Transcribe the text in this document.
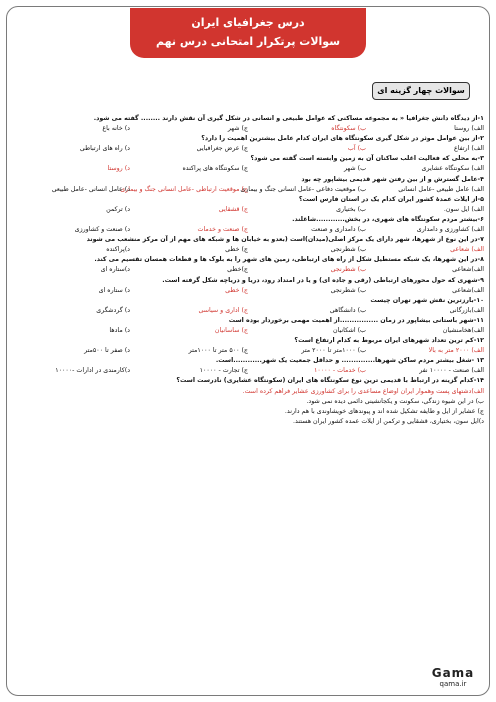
درس جغرافیای ایران
سوالات پرتکرار امتحانی درس نهم
سوالات چهار گزینه ای
۱-از دیدگاه دانش جغرافیا « به مجموعه مساکنی که عوامل طبیعی و انسانی در شکل گیری آن نقش دارند ........ گفته می شود.
الف) روستا
ب) سکونتگاه
ج) شهر
د) خانه باغ
۲-از بین عوامل موثر در شکل گیری سکونتگاه های ایران کدام عامل بیشترین اهمیت را دارد؟
الف) ارتفاع
ب) آب
ج) عرض جغرافیایی
د) راه های ارتباطی
۳-به محلی که فعالیت اغلب ساکنان آن به زمین وابسته است گفته می شود؟
الف) سکونتگاه عشایری
ب) شهر
ج) سکونتگاه های پراکنده
د) روستا
۴-عامل گسترش و از بین رفتن شهر قدیمی بیشاپور چه بود
الف) عامل طبیعی -عامل انسانی
ب) موقعیت دفاعی -عامل انسانی جنگ و بیماری
ج) موقعیت ارتباطی -عامل انسانی جنگ و بیماری
د) عامل انسانی -عامل طبیعی
۵-از ایلات عمدهٔ کشور ایران کدام یک در استان فارس است؟
الف) ایل سون.
ب) بختیاری
ج) قشقایی
د) ترکمن
۶-بیشتر مردم سکونتگاه های شهری، در بخش............شاغلند.
الف) کشاورزی و دامداری
ب) دامداری و صنعت
ج) صنعت و خدمات
د) صنعت و کشاورزی
۷-در این نوع از شهرها، شهر دارای یک مرکز اصلی(میدان)است (بعدو به خیابان ها و شبکه های مهم از آن مرکز منشعب می شوند
الف) شعاعی
ب) شطرنجی
ج) خطی
د)پراکنده
۸-در این شهرها، یک شبکه مستطیل شکل از راه های ارتباطی، زمین های شهر را به بلوک ها و قطعات همسان تقسیم می کند.
الف)شعاعی
ب) شطرنجی
ج)خطی
د)ستاره ای
۹-شهری که حول محورهای ارتباطی (رقی و جاده ای) و یا در امتداد رود، دریا و دریاچه شکل گرفته است.
الف)شعاعی
ب) شطرنجی
ج) خطی
د) ستاره ای
۱۰-بارزترین نقش شهر تهران چیست
الف)بازرگانی
ب) دانشگاهی
ج) اداری و سیاسی
د) گردشگری
۱۱-شهر باستانی بیشاپور در زمان ................از اهمیت مهمی برخوردار بوده است
الف)هخامنشیان
ب) اشکانیان
ج) ساسانیان
د) مادها
۱۲-کم ترین تعداد شهرهای ایران مربوط به کدام ارتفاع است؟
الف) ۲۰۰۰ متر به بالا
ب) ۱۰۰۰متر تا ۲۰۰۰ متر
ج) ۵۰۰ متر تا ۱۰۰۰متر
د) صفر تا ۵۰۰متر
۱۳ -شغل بیشتر مردم ساکن شهرها.............. و حداقل جمعیت یک شهر............است.
الف) صنعت - ۱۰۰۰۰ نفر
ب) خدمات - ۱۰۰۰۰
ج) تجارت - ۱۰۰۰۰
د)کارمندی در ادارات -۱۰۰۰۰
۱۴-کدام گزینه در ارتباط با قدیمی ترین نوع سکونتگاه های ایران (سکونتگاه عشایری) نادرست است؟
الف)دشتهای پست وهموار ایران اوضاع مساعدی را برای کشاورزی عشایر فراهم کرده است.
ب) در این شیوه زندگی، سکونت و یکجانشینی دائمی دیده نمی شود.
ج) عشایر از ایل و طایفه تشکیل شده اند و پیوندهای خویشاوندی با هم دارند.
د)ایل سون، بختیاری، قشقایی و ترکمن از ایلات عمده کشور ایران هستند.
Gama
qama.ir
